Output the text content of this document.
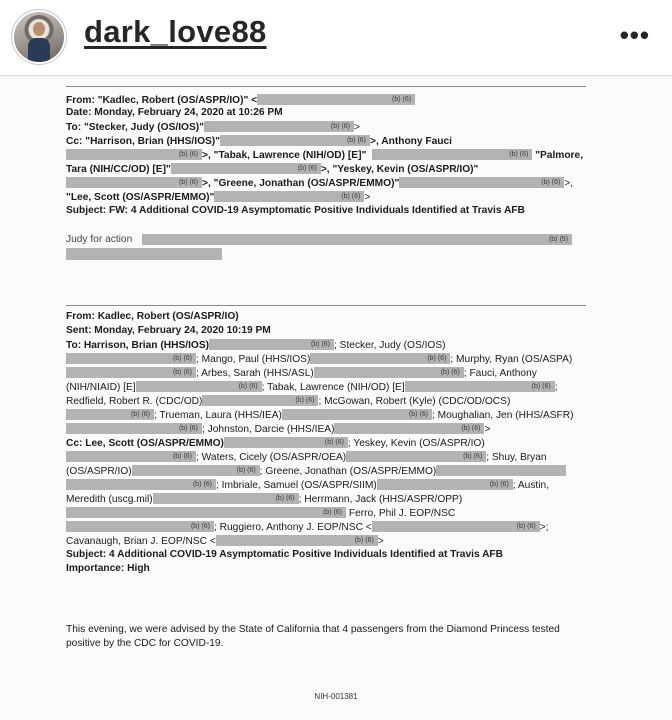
dark_love88	•••
From: "Kadlec, Robert (OS/ASPR/IO)" <	(b) (6)
Date: Monday, February 24, 2020 at 10:26 PM
To: "Stecker, Judy (OS/IOS)"	(b) (6) >
Cc: "Harrison, Brian (HHS/IOS)"	(b) (6) >, Anthony Fauci
(b) (6) >, "Tabak, Lawrence (NIH/OD) [E]"	(b) (6) "Palmore,
Tara (NIH/CC/OD) [E]"	(b) (6) >, "Yeskey, Kevin (OS/ASPR/IO)"
(b) (6) >, "Greene, Jonathan (OS/ASPR/EMMO)"	(b) (6) >,
"Lee, Scott (OS/ASPR/EMMO)"	(b) (6) >
Subject: FW: 4 Additional COVID-19 Asymptomatic Positive Individuals Identified at Travis AFB
Judy for action	(b) (5)
From: Kadlec, Robert (OS/ASPR/IO)
Sent: Monday, February 24, 2020 10:19 PM
To: Harrison, Brian (HHS/IOS)	(b) (6) ; Stecker, Judy (OS/IOS)
(b) (6) ; Mango, Paul (HHS/IOS)	(b) (6) ; Murphy, Ryan (OS/ASPA)
(b) (6) ; Arbes, Sarah (HHS/ASL)	(b) (6) ; Fauci, Anthony
(NIH/NIAID) [E]	(b) (6) ; Tabak, Lawrence (NIH/OD) [E]	(b) (6) ;
Redfield, Robert R. (CDC/OD)	(b) (6) ; McGowan, Robert (Kyle) (CDC/OD/OCS)
(b) (6) ; Trueman, Laura (HHS/IEA)	(b) (6) ; Moughalian, Jen (HHS/ASFR)
(b) (6) ; Johnston, Darcie (HHS/IEA)	(b) (6) >
Cc: Lee, Scott (OS/ASPR/EMMO)	(b) (6) ; Yeskey, Kevin (OS/ASPR/IO)
(b) (6) ; Waters, Cicely (OS/ASPR/OEA)	(b) (6) ; Shuy, Bryan
(OS/ASPR/IO)	(b) (6) ; Greene, Jonathan (OS/ASPR/EMMO)
(b) (6) ; Imbriale, Samuel (OS/ASPR/SIIM)	(b) (6) ; Austin,
Meredith (uscg.mil)	(b) (6) ; Herrmann, Jack (HHS/ASPR/OPP)
(b) (6) Ferro, Phil J. EOP/NSC
(b) (6) ; Ruggiero, Anthony J. EOP/NSC <	(b) (6) >;
Cavanaugh, Brian J. EOP/NSC <	(b) (6) >
Subject: 4 Additional COVID-19 Asymptomatic Positive Individuals Identified at Travis AFB
Importance: High
This evening, we were advised by the State of California that 4 passengers from the Diamond Princess tested positive by the CDC for COVID-19.
NIH-001381
